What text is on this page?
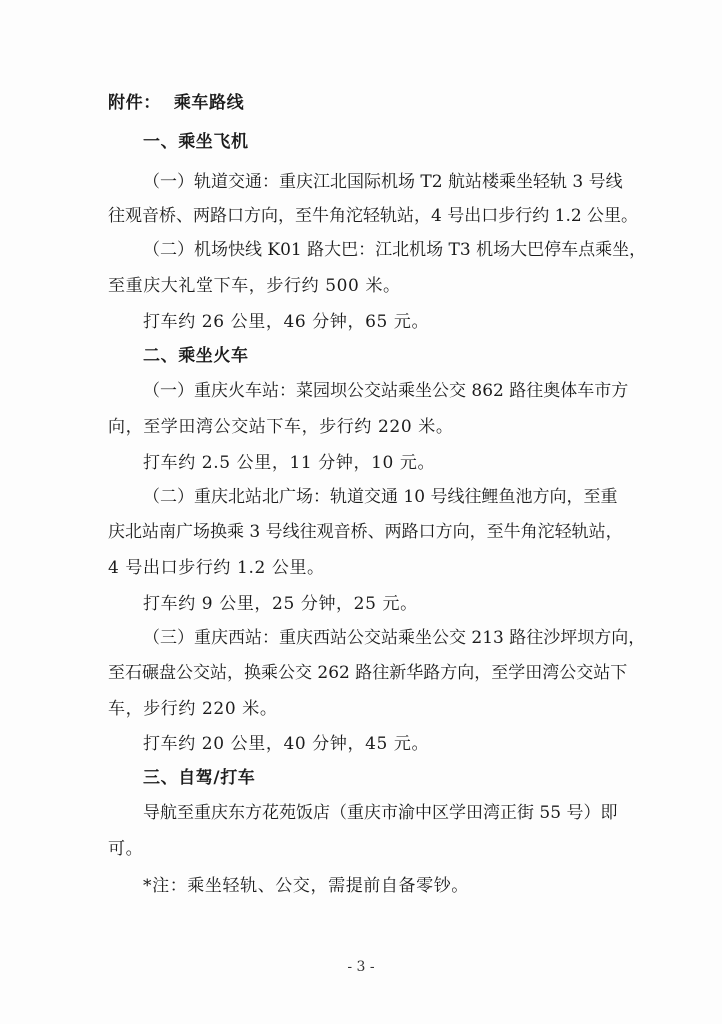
附件：  乘车路线
一、乘坐飞机
（一）轨道交通：重庆江北国际机场 T2 航站楼乘坐轻轨 3 号线
往观音桥、两路口方向，至牛角沱轻轨站，4 号出口步行约 1.2 公里。
（二）机场快线 K01 路大巴：江北机场 T3 机场大巴停车点乘坐，
至重庆大礼堂下车，步行约 500 米。
打车约 26 公里，46 分钟，65 元。
二、乘坐火车
（一）重庆火车站：菜园坝公交站乘坐公交 862 路往奥体车市方
向，至学田湾公交站下车，步行约 220 米。
打车约 2.5 公里，11 分钟，10 元。
（二）重庆北站北广场：轨道交通 10 号线往鲤鱼池方向，至重
庆北站南广场换乘 3 号线往观音桥、两路口方向，至牛角沱轻轨站，
4 号出口步行约 1.2 公里。
打车约 9 公里，25 分钟，25 元。
（三）重庆西站：重庆西站公交站乘坐公交 213 路往沙坪坝方向，
至石碾盘公交站，换乘公交 262 路往新华路方向，至学田湾公交站下
车，步行约 220 米。
打车约 20 公里，40 分钟，45 元。
三、自驾/打车
导航至重庆东方花苑饭店（重庆市渝中区学田湾正街 55 号）即
可。
*注：乘坐轻轨、公交，需提前自备零钞。
- 3 -
